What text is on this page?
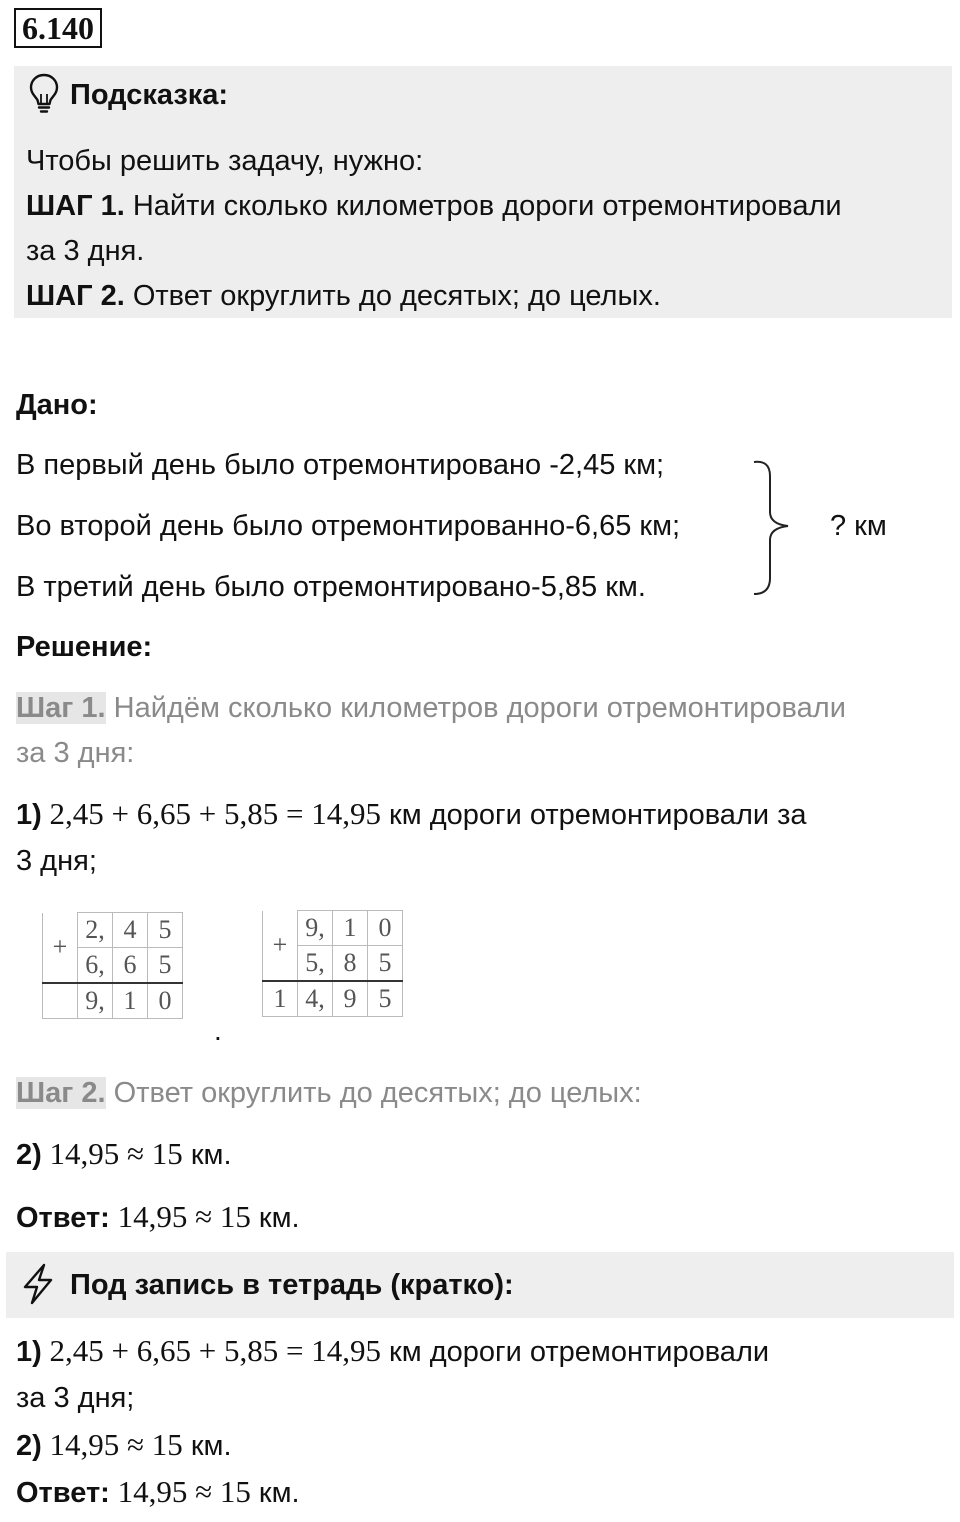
6.140
Подсказка:
Чтобы решить задачу, нужно:
ШАГ 1. Найти сколько километров дороги отремонтировали
за 3 дня.
ШАГ 2. Ответ округлить до десятых; до целых.
Дано:
В первый день было отремонтировано -2,45 км;
Во второй день было отремонтированно-6,65 км;
В третий день было отремонтировано-5,85 км.
? км
Решение:
Шаг 1. Найдём сколько километров дороги отремонтировали
за 3 дня:
1) 2,45 + 6,65 + 5,85 = 14,95 км дороги отремонтировали за
3 дня;
+	2,	4	5
	6,	6	5
	9,	1	0
+	9,	1	0
	5,	8	5
1	4,	9	5
.
Шаг 2. Ответ округлить до десятых; до целых:
2) 14,95 ≈ 15 км.
Ответ: 14,95 ≈ 15 км.
Под запись в тетрадь (кратко):
1) 2,45 + 6,65 + 5,85 = 14,95 км дороги отремонтировали
за 3 дня;
2) 14,95 ≈ 15 км.
Ответ: 14,95 ≈ 15 км.
